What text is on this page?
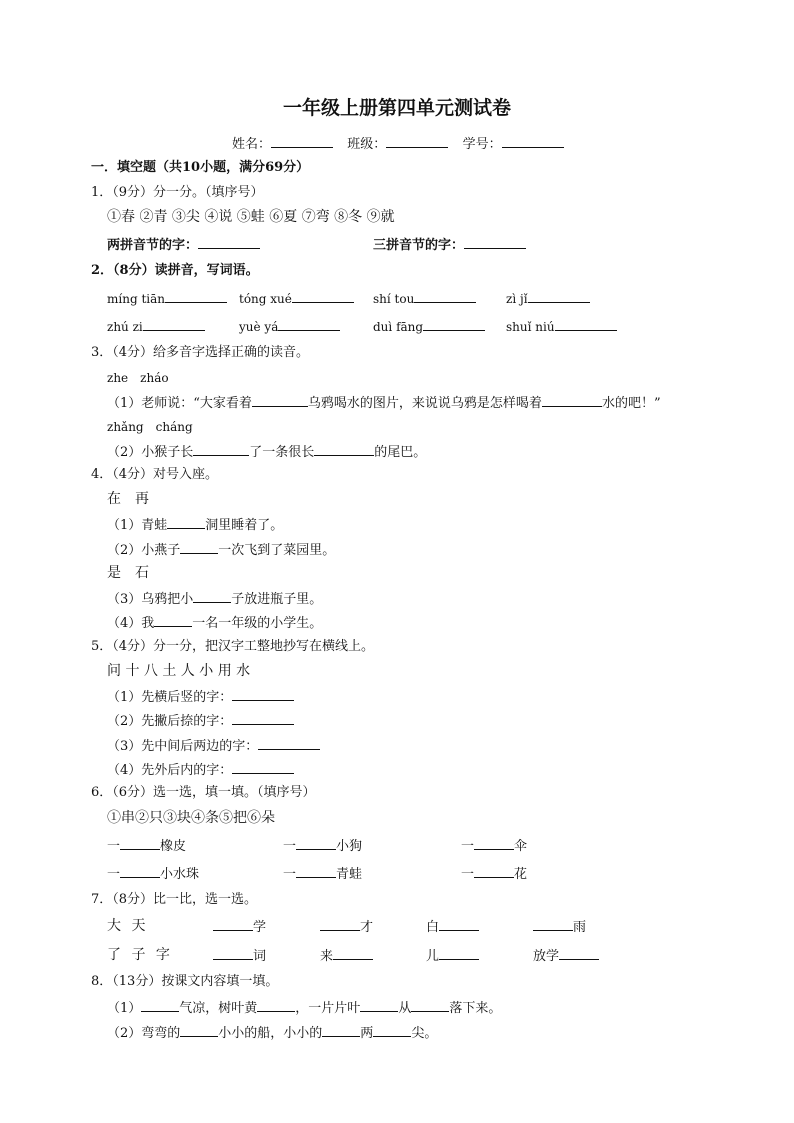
一年级上册第四单元测试卷
姓名：	班级：	学号：
一．填空题（共10小题，满分69分）
1．（9分）分一分。（填序号）
①春 ②青 ③尖 ④说 ⑤蛙 ⑥夏 ⑦弯 ⑧冬 ⑨就
两拼音节的字：	三拼音节的字：
2．（8分）读拼音，写词语。
míng tiān	tóng xué	shí tou	zì jǐ
zhú zi	yuè yá	duì fāng	shuǐ niú
3．（4分）给多音字选择正确的读音。
zhe　zháo
（1）老师说：“大家看着	乌鸦喝水的图片，来说说乌鸦是怎样喝着	水的吧！”
zhǎng　cháng
（2）小猴子长	了一条很长	的尾巴。
4．（4分）对号入座。
在　再
（1）青蛙	洞里睡着了。
（2）小燕子	一次飞到了菜园里。
是　石
（3）乌鸦把小	子放进瓶子里。
（4）我	一名一年级的小学生。
5．（4分）分一分，把汉字工整地抄写在横线上。
问 十 八 土 人 小 用 水
（1）先横后竖的字：
（2）先撇后捺的字：
（3）先中间后两边的字：
（4）先外后内的字：
6．（6分）选一选，填一填。（填序号）
①串②只③块④条⑤把⑥朵
一	橡皮	一	小狗	一	伞
一	小水珠	一	青蛙	一	花
7．（8分）比一比，选一选。
大 天	学	才	白	雨
了 子 字	词	来	儿	放学
8．（13分）按课文内容填一填。
（1）	气凉，树叶黄	，一片片叶	从	落下来。
（2）弯弯的	小小的船，小小的	两	尖。
